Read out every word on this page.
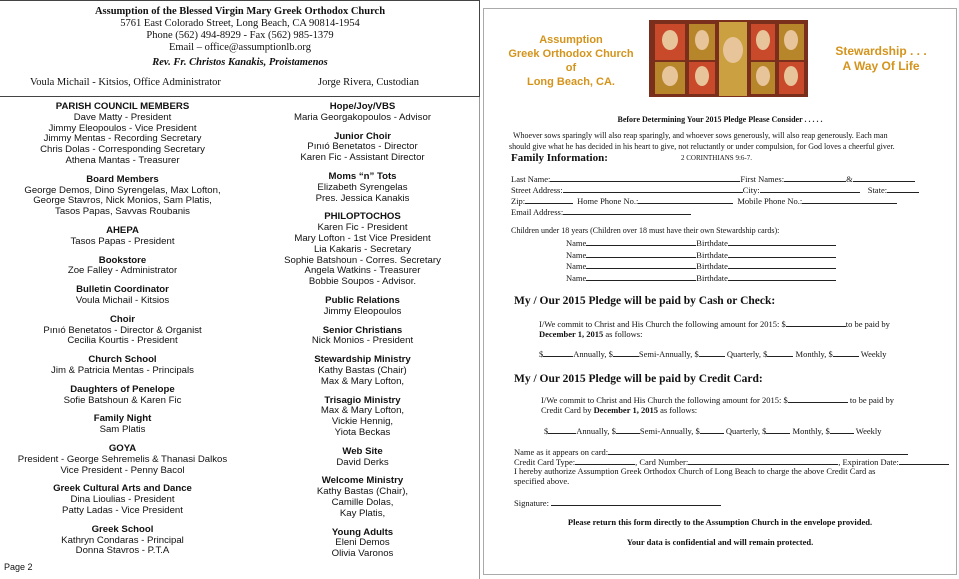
Assumption of the Blessed Virgin Mary Greek Orthodox Church
5761 East Colorado Street, Long Beach, CA 90814-1954
Phone (562) 494-8929 - Fax (562) 985-1379
Email – office@assumptionlb.org
Rev. Fr. Christos Kanakis, Proistamenos
Voula Michail - Kitsios, Office Administrator	Jorge Rivera, Custodian
PARISH COUNCIL MEMBERS
Dave Matty - President
Jimmy Eleopoulos - Vice President
Jimmy Mentas - Recording Secretary
Chris Dolas - Corresponding Secretary
Athena Mantas - Treasurer
Board Members
George Demos, Dino Syrengelas, Max Lofton,
George Stavros, Nick Monios, Sam Platis,
Tasos Papas, Savvas Roubanis
AHEPA
Tasos Papas - President
Bookstore
Zoe Falley - Administrator
Bulletin Coordinator
Voula Michail - Kitsios
Choir
Pınıó Benetatos - Director & Organist
Cecilia Kourtis - President
Church School
Jim & Patricia Mentas - Principals
Daughters of Penelope
Sofie Batshoun & Karen Fic
Family Night
Sam Platis
GOYA
President - George Sehremelis & Thanasi Dalkos
Vice President - Penny Bacol
Greek Cultural Arts and Dance
Dina Lioulias - President
Patty Ladas - Vice President
Greek School
Kathryn Condaras - Principal
Donna Stavros - P.T.A
Hope/Joy/VBS
Maria Georgakopoulos - Advisor
Junior Choir
Pınıó Benetatos - Director
Karen Fic - Assistant Director
Moms “n” Tots
Elizabeth Syrengelas
Pres. Jessica Kanakis
PHILOPTOCHOS
Karen Fic - President
Mary Lofton - 1st Vice President
Lia Kakaris - Secretary
Sophie Batshoun - Corres. Secretary
Angela Watkins - Treasurer
Bobbie Soupos - Advisor.
Public Relations
Jimmy Eleopoulos
Senior Christians
Nick Monios - President
Stewardship Ministry
Kathy Bastas (Chair)
Max & Mary Lofton,
Trisagio Ministry
Max & Mary Lofton,
Vickie Hennig,
Yiota Beckas
Web Site
David Derks
Welcome Ministry
Kathy Bastas (Chair),
Camille Dolas,
Kay Platis,
Young Adults
Eleni Demos
Olivia Varonos
Page 2
Assumption
Greek Orthodox Church
of
Long Beach, CA.
Stewardship . . .
A Way Of Life
Before Determining Your 2015 Pledge Please Consider . . . . .
Whoever sows sparingly will also reap sparingly, and whoever sows generously, will also reap generously. Each man
should give what he has decided in his heart to give, not reluctantly or under compulsion, for God loves a cheerful giver.
Family Information:	2 CORINTHIANS 9:6-7.
Last Name:	First Names:	&
Street Address:	City:	State:
Zip:	Home Phone No.:	Mobile Phone No.:
Email Address:
Children under 18 years (Children over 18 must have their own Stewardship cards):
Name	Birthdate
Name	Birthdate
Name	Birthdate
Name	Birthdate
My / Our 2015 Pledge will be paid by Cash or Check:
I/We commit to Christ and His Church the following amount for 2015: $	to be paid by
December 1, 2015 as follows:
$	Annually, $	Semi-Annually, $	Quarterly, $	Monthly, $	Weekly
My / Our 2015 Pledge will be paid by Credit Card:
I/We commit to Christ and His Church the following amount for 2015: $	to be paid by
Credit Card by December 1, 2015 as follows:
$	Annually, $	Semi-Annually, $	Quarterly, $	Monthly, $	Weekly
Name as it appears on card:
Credit Card Type:	, Card Number:	, Expiration Date:
I hereby authorize Assumption Greek Orthodox Church of Long Beach to charge the above Credit Card as
specified above.
Signature:
Please return this form directly to the Assumption Church in the envelope provided.
Your data is confidential and will remain protected.
